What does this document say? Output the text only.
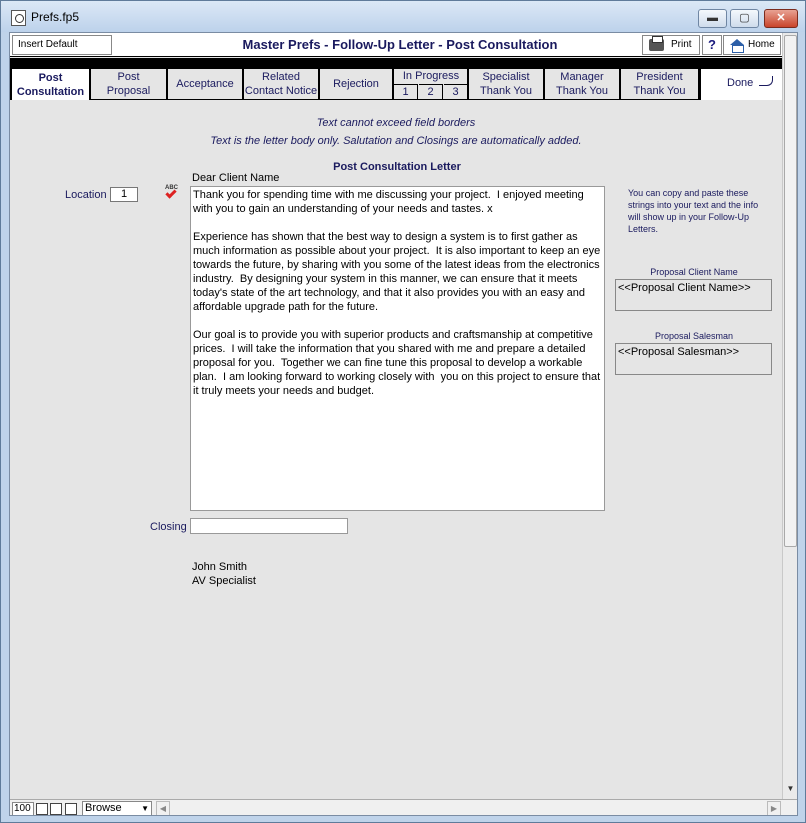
Prefs.fp5	▬	▢	✕
Insert Default	Master Prefs - Follow-Up Letter - Post Consultation	Print	?	Home
Post
Consultation
Post
Proposal
Acceptance
Related
Contact Notice
Rejection
In Progress
1	2	3
Specialist
Thank You
Manager
Thank You
President
Thank You
Done
Text cannot exceed field borders
Text is the letter body only. Salutation and Closings are automatically added.
Post Consultation Letter
Dear Client Name
Location	1	ABC
Thank you for spending time with me discussing your project.  I enjoyed meeting with you to gain an understanding of your needs and tastes. x

Experience has shown that the best way to design a system is to first gather as much information as possible about your project.  It is also important to keep an eye towards the future, by sharing with you some of the latest ideas from the electronics industry.  By designing your system in this manner, we can ensure that it meets today's state of the art technology, and that it also provides you with an easy and affordable upgrade path for the future.

Our goal is to provide you with superior products and craftsmanship at competitive prices.  I will take the information that you shared with me and prepare a detailed proposal for you.  Together we can fine tune this proposal to develop a workable plan.  I am looking forward to working closely with  you on this project to ensure that it truly meets your needs and budget.
Closing
John Smith
AV Specialist
You can copy and paste these strings into your text and the info will show up in your Follow-Up Letters.
Proposal Client Name
<<Proposal Client Name>>
Proposal Salesman
<<Proposal Salesman>>
▼
100	Browse ▼	◀	▶
